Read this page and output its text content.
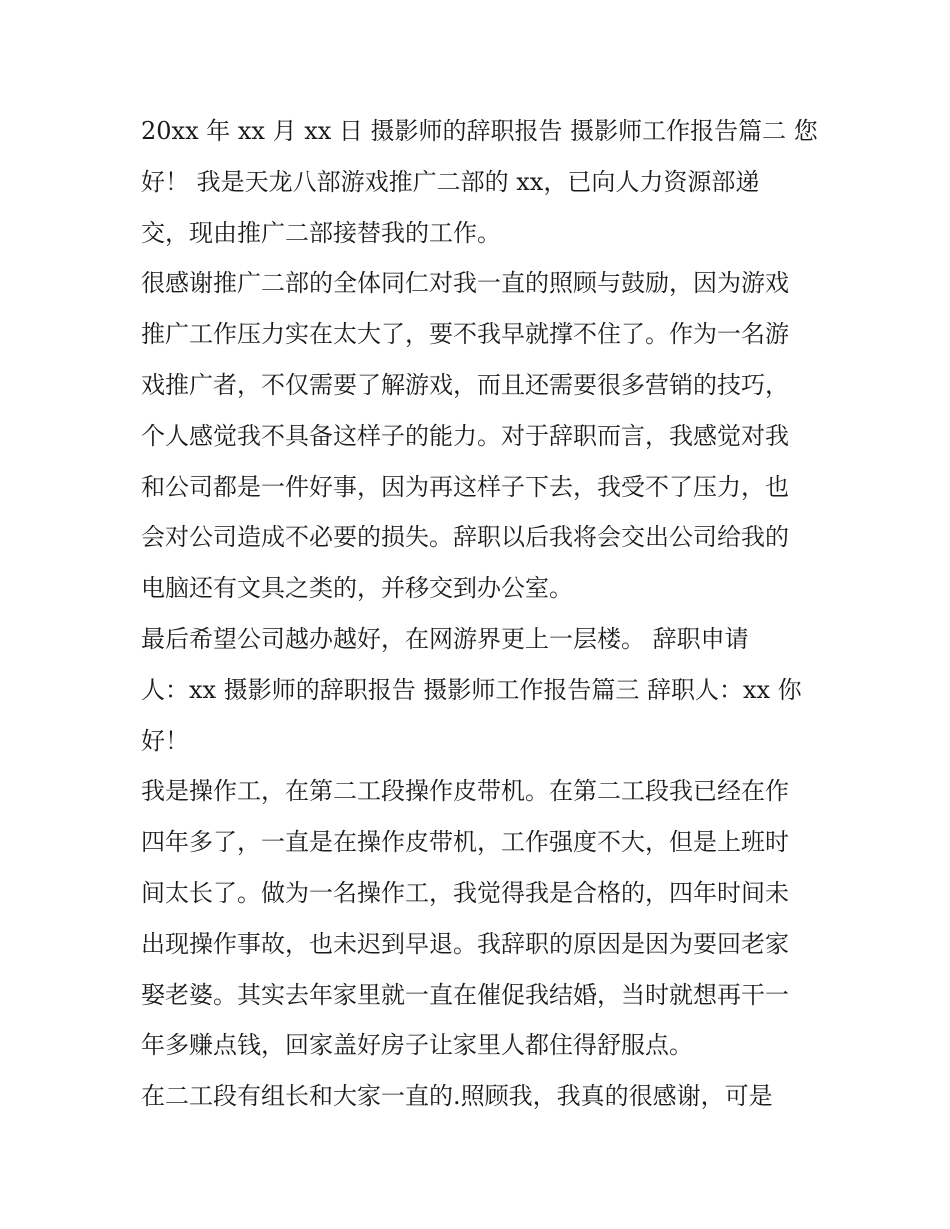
20xx 年 xx 月 xx 日 摄影师的辞职报告 摄影师工作报告篇二 您
好！ 我是天龙八部游戏推广二部的 xx，已向人力资源部递
交，现由推广二部接替我的工作。
很感谢推广二部的全体同仁对我一直的照顾与鼓励，因为游戏
推广工作压力实在太大了，要不我早就撑不住了。作为一名游
戏推广者，不仅需要了解游戏，而且还需要很多营销的技巧，
个人感觉我不具备这样子的能力。对于辞职而言，我感觉对我
和公司都是一件好事，因为再这样子下去，我受不了压力，也
会对公司造成不必要的损失。辞职以后我将会交出公司给我的
电脑还有文具之类的，并移交到办公室。
最后希望公司越办越好，在网游界更上一层楼。 辞职申请
人：xx 摄影师的辞职报告 摄影师工作报告篇三 辞职人：xx 你
好！
我是操作工，在第二工段操作皮带机。在第二工段我已经在作
四年多了，一直是在操作皮带机，工作强度不大，但是上班时
间太长了。做为一名操作工，我觉得我是合格的，四年时间未
出现操作事故，也未迟到早退。我辞职的原因是因为要回老家
娶老婆。其实去年家里就一直在催促我结婚，当时就想再干一
年多赚点钱，回家盖好房子让家里人都住得舒服点。
在二工段有组长和大家一直的.照顾我，我真的很感谢，可是
